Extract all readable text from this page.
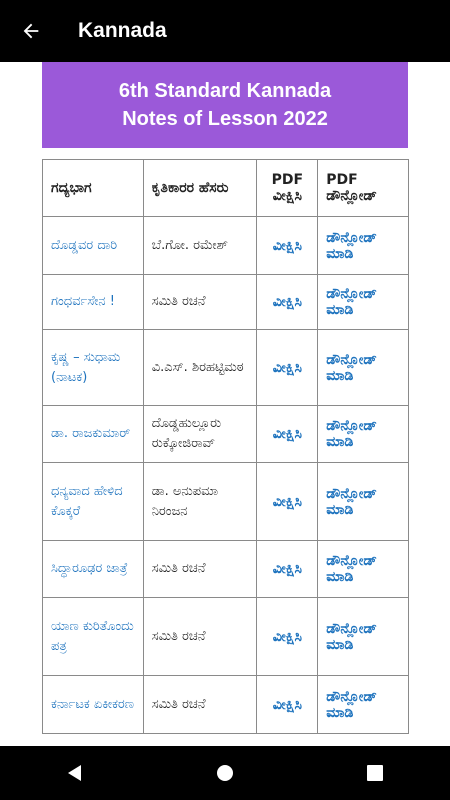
Kannada
6th Standard Kannada
Notes of Lesson 2022
ಗದ್ಯಭಾಗ	ಕೃತಿಕಾರರ ಹೆಸರು	PDF ವೀಕ್ಷಿಸಿ	PDF ಡೌನ್ಲೋಡ್
ದೊಡ್ಡವರ ದಾರಿ	ಬೆ.ಗೋ. ರಮೇಶ್	ವೀಕ್ಷಿಸಿ	ಡೌನ್ಲೋಡ್ ಮಾಡಿ
ಗಂಧರ್ವಸೇನ !	ಸಮಿತಿ ರಚನೆ	ವೀಕ್ಷಿಸಿ	ಡೌನ್ಲೋಡ್ ಮಾಡಿ
ಕೃಷ್ಣ – ಸುಧಾಮ (ನಾಟಕ)	ವಿ.ಎಸ್. ಶಿರಹಟ್ಟಿಮಠ	ವೀಕ್ಷಿಸಿ	ಡೌನ್ಲೋಡ್ ಮಾಡಿ
ಡಾ. ರಾಜಕುಮಾರ್	ದೊಡ್ಡಹುಲ್ಲೂರು ರುಕ್ಕೋಜಿರಾವ್	ವೀಕ್ಷಿಸಿ	ಡೌನ್ಲೋಡ್ ಮಾಡಿ
ಧನ್ಯವಾದ ಹೇಳಿದ ಕೊಕ್ಕರೆ	ಡಾ. ಅನುಪಮಾ ನಿರಂಜನ	ವೀಕ್ಷಿಸಿ	ಡೌನ್ಲೋಡ್ ಮಾಡಿ
ಸಿದ್ಧಾರೂಢರ ಜಾತ್ರೆ	ಸಮಿತಿ ರಚನೆ	ವೀಕ್ಷಿಸಿ	ಡೌನ್ಲೋಡ್ ಮಾಡಿ
ಯಾಣ ಕುರಿತೊಂದು ಪತ್ರ	ಸಮಿತಿ ರಚನೆ	ವೀಕ್ಷಿಸಿ	ಡೌನ್ಲೋಡ್ ಮಾಡಿ
ಕರ್ನಾಟಕ ಏಕೀಕರಣ	ಸಮಿತಿ ರಚನೆ	ವೀಕ್ಷಿಸಿ	ಡೌನ್ಲೋಡ್ ಮಾಡಿ
